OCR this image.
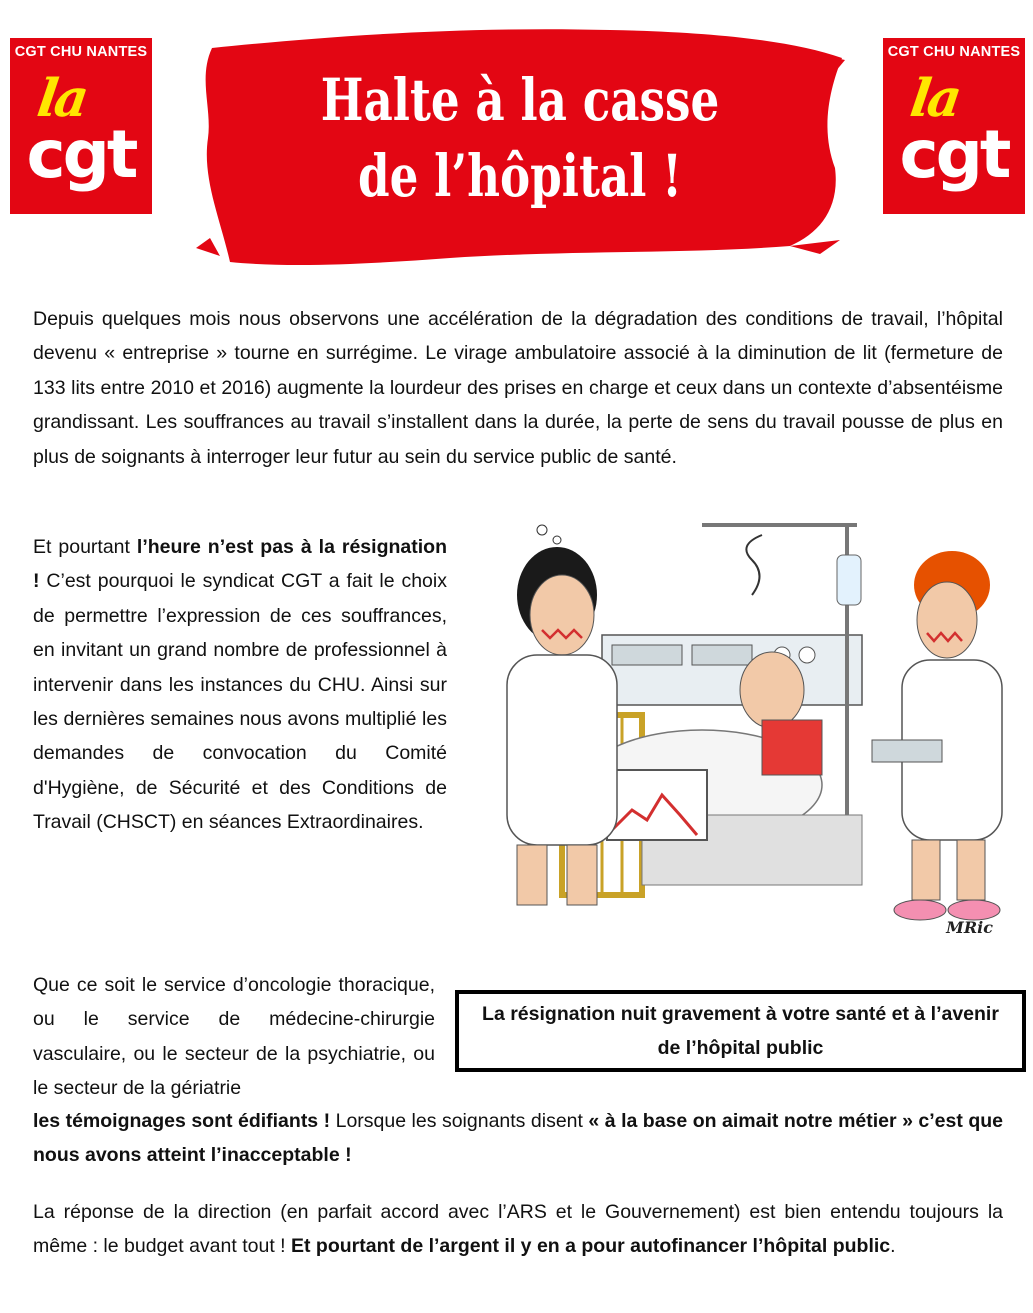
CGT CHU NANTES
la
cgt
CGT CHU NANTES
la
cgt
Halte à la casse
de l’hôpital !

Depuis quelques mois nous observons une accélération de la dégradation des conditions de travail, l’hôpital devenu « entreprise » tourne en surrégime. Le virage ambulatoire associé à la diminution de lit (fermeture de 133 lits entre 2010 et 2016) augmente la lourdeur des prises en charge et ceux dans un contexte d’absentéisme grandissant. Les souffrances au travail s’installent dans la durée, la perte de sens du travail pousse de plus en plus de soignants à interroger leur futur au sein du service public de santé.

Et pourtant l’heure n’est pas à la résignation ! C’est pourquoi le syndicat CGT a fait le choix de permettre l’expression de ces souffrances, en invitant un grand nombre de professionnel à intervenir dans les instances du CHU. Ainsi sur les dernières semaines nous avons multiplié les demandes de convocation du Comité d'Hygiène, de Sécurité et des Conditions de Travail (CHSCT) en séances Extraordinaires.

MRic

Que ce soit le service d’oncologie thoracique, ou le service de médecine-chirurgie vasculaire, ou le secteur de la psychiatrie, ou le secteur de la gériatrie

La résignation nuit gravement à votre santé et à l’avenir de l’hôpital public

les témoignages sont édifiants ! Lorsque les soignants disent « à la base on aimait notre métier » c’est que nous avons atteint l’inacceptable !

La réponse de la direction (en parfait accord avec l’ARS et le Gouvernement) est bien entendu toujours la même : le budget avant tout ! Et pourtant de l’argent il y en a pour autofinancer l’hôpital public.
